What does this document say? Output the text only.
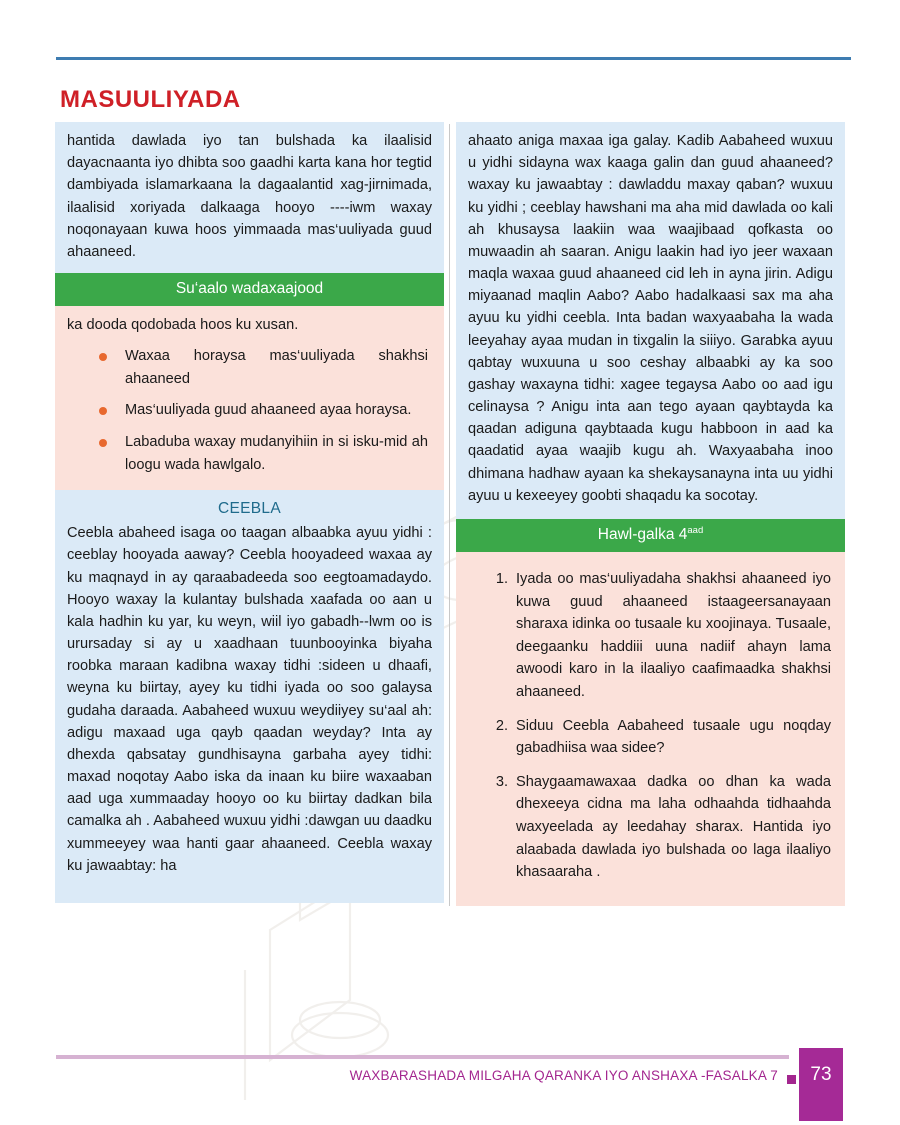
MASUULIYADA

hantida dawlada iyo tan bulshada ka ilaalisid dayacnaanta iyo dhibta soo gaadhi karta kana hor tegtid dambiyada islamarkaana la dagaalantid xag-jirnimada, ilaalisid xoriyada dalkaaga hooyo ----iwm waxay noqonayaan kuwa hoos yimmaada mas‘uuliyada guud ahaaneed.

Su‘aalo wadaxaajood

ka dooda qodobada hoos ku xusan.

Waxaa horaysa mas‘uuliyada shakhsi ahaaneed
Mas‘uuliyada guud ahaaneed ayaa horaysa.
Labaduba waxay mudanyihiin in si isku-mid ah loogu wada hawlgalo.
CEEBLA

Ceebla abaheed isaga oo taagan albaabka ayuu yidhi : ceeblay hooyada aaway? Ceebla hooyadeed waxaa ay ku maqnayd in ay qaraabadeeda soo eegtoamadaydo. Hooyo waxay la kulantay bulshada xaafada oo aan u kala hadhin ku yar, ku weyn, wiil iyo gabadh--lwm oo is urursaday si ay u xaadhaan tuunbooyinka biyaha roobka maraan kadibna waxay tidhi :sideen u dhaafi, weyna ku biirtay, ayey ku tidhi iyada oo soo galaysa gudaha daraada. Aabaheed wuxuu weydiiyey su‘aal ah: adigu maxaad uga qayb qaadan weyday? Inta ay dhexda qabsatay gundhisayna garbaha ayey tidhi: maxad noqotay Aabo iska da inaan ku biire waxaaban aad uga xummaaday hooyo oo ku biirtay dadkan bila camalka ah . Aabaheed wuxuu yidhi :dawgan uu daadku xummeeyey waa hanti gaar ahaaneed. Ceebla waxay ku jawaabtay: ha

ahaato aniga maxaa iga galay. Kadib Aabaheed wuxuu u yidhi sidayna wax kaaga galin dan guud ahaaneed? waxay ku jawaabtay : dawladdu maxay qaban? wuxuu ku yidhi ; ceeblay hawshani ma aha mid dawlada oo kali ah khusaysa laakiin waa waajibaad qofkasta oo muwaadin ah saaran. Anigu laakin had iyo jeer waxaan maqla waxaa guud ahaaneed cid leh in ayna jirin. Adigu miyaanad maqlin Aabo? Aabo hadalkaasi sax ma aha ayuu ku yidhi ceebla. Inta badan waxyaabaha la wada leeyahay ayaa mudan in tixgalin la siiiyo. Garabka ayuu qabtay wuxuuna u soo ceshay albaabki ay ka soo gashay waxayna tidhi: xagee tegaysa Aabo oo aad igu celinaysa ? Anigu inta aan tego ayaan qaybtayda ka qaadan adiguna qaybtaada kugu habboon in aad ka qaadatid ayaa waajib kugu ah. Waxyaabaha inoo dhimana hadhaw ayaan ka shekaysanayna inta uu yidhi ayuu u kexeeyey goobti shaqadu ka socotay.

Hawl-galka $4^{aad}$
Iyada oo mas‘uuliyadaha shakhsi ahaaneed iyo kuwa guud ahaaneed istaageersanayaan sharaxa idinka oo tusaale ku xoojinaya. Tusaale, deegaanku haddiii uuna nadiif ahayn lama awoodi karo in la ilaaliyo caafimaadka shakhsi ahaaneed.
Siduu Ceebla Aabaheed tusaale ugu noqday gabadhiisa waa sidee?
Shaygaamawaxaa dadka oo dhan ka wada dhexeeya cidna ma laha odhaahda tidhaahda waxyeelada ay leedahay sharax. Hantida iyo alaabada dawlada iyo bulshada oo laga ilaaliyo khasaaraha .
WAXBARASHADA MILGAHA QARANKA IYO ANSHAXA -FASALKA 7	73
